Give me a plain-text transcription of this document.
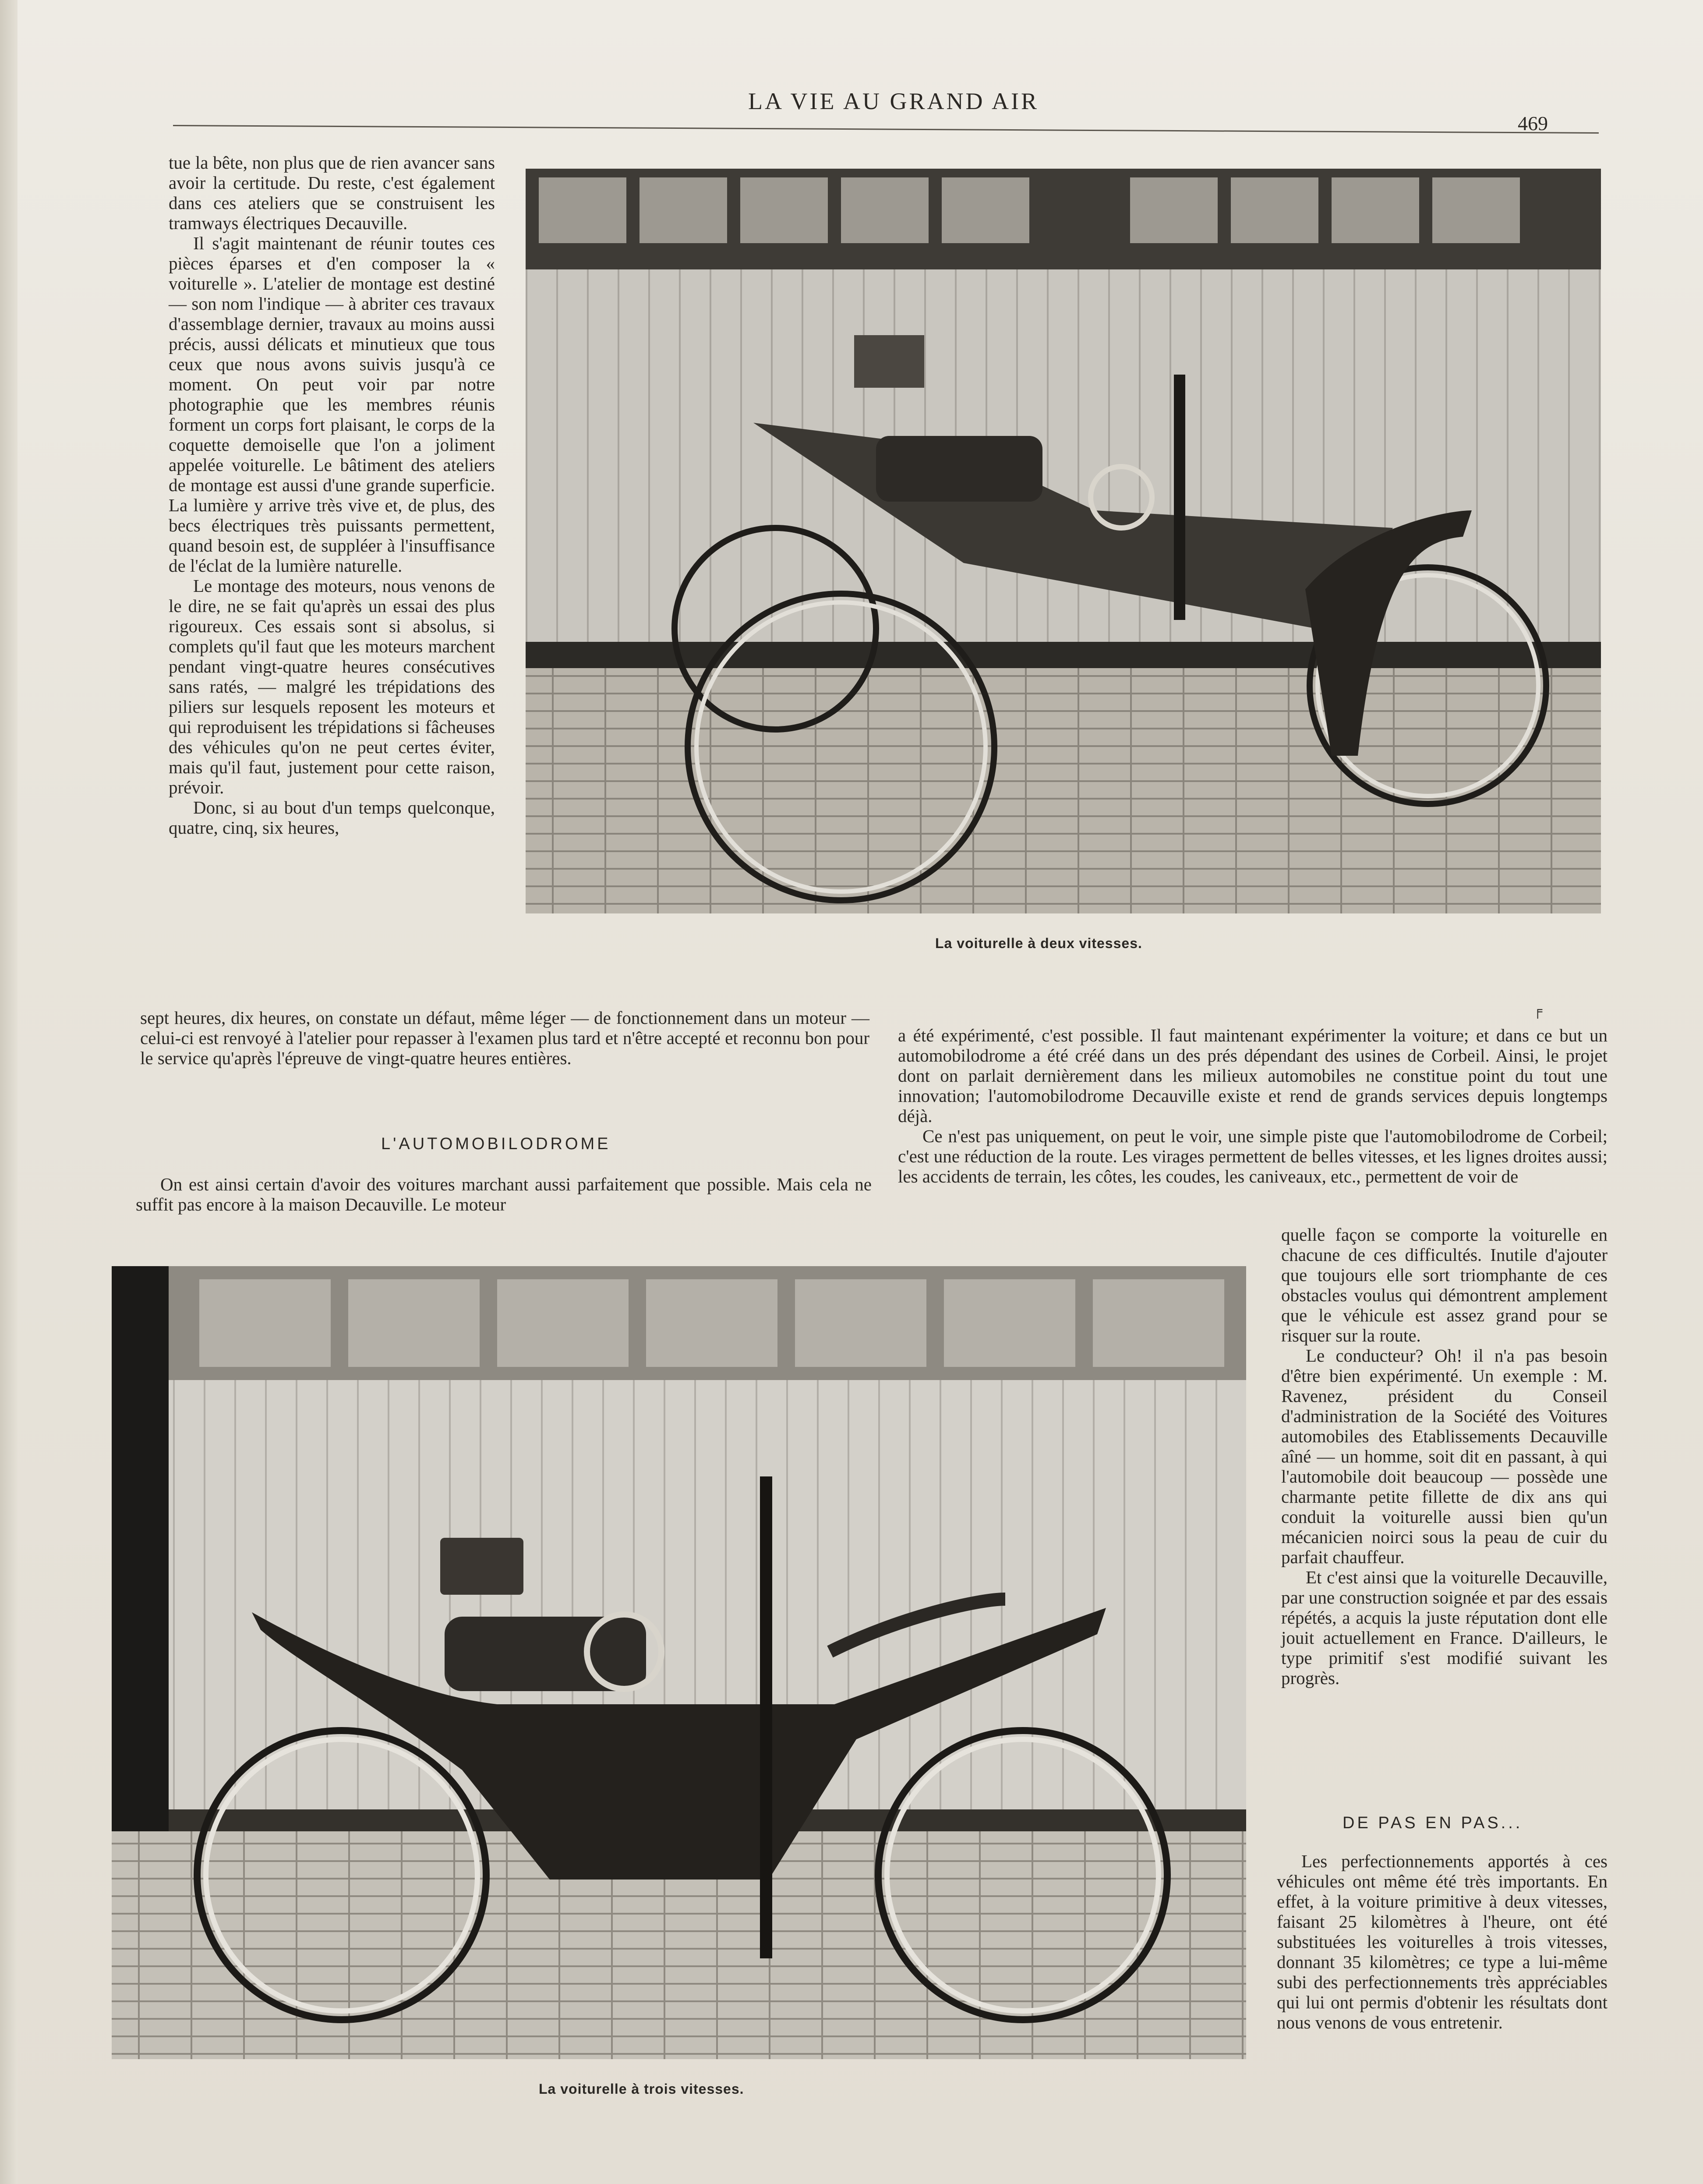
LA VIE AU GRAND AIR
469

tue la bête, non plus que de rien avancer sans avoir la certitude. Du reste, c'est également dans ces ateliers que se construisent les tramways électriques Decauville.

Il s'agit maintenant de réunir toutes ces pièces éparses et d'en composer la « voiturelle ». L'atelier de montage est destiné — son nom l'indique — à abriter ces travaux d'assemblage dernier, travaux au moins aussi précis, aussi délicats et minutieux que tous ceux que nous avons suivis jusqu'à ce moment. On peut voir par notre photographie que les membres réunis forment un corps fort plaisant, le corps de la coquette demoiselle que l'on a joliment appelée voiturelle. Le bâtiment des ateliers de montage est aussi d'une grande superficie. La lumière y arrive très vive et, de plus, des becs électriques très puissants permettent, quand besoin est, de suppléer à l'insuffisance de l'éclat de la lumière naturelle.

Le montage des moteurs, nous venons de le dire, ne se fait qu'après un essai des plus rigoureux. Ces essais sont si absolus, si complets qu'il faut que les moteurs marchent pendant vingt-quatre heures consécutives sans ratés, — malgré les trépidations des piliers sur lesquels reposent les moteurs et qui reproduisent les trépidations si fâcheuses des véhicules qu'on ne peut certes éviter, mais qu'il faut, justement pour cette raison, prévoir.

Donc, si au bout d'un temps quelconque, quatre, cinq, six heures,

La voiturelle à deux vitesses.

sept heures, dix heures, on constate un défaut, même léger — de fonctionnement dans un moteur — celui-ci est renvoyé à l'atelier pour repasser à l'examen plus tard et n'être accepté et reconnu bon pour le service qu'après l'épreuve de vingt-quatre heures entières.

L'AUTOMOBILODROME

On est ainsi certain d'avoir des voitures marchant aussi parfaitement que possible. Mais cela ne suffit pas encore à la maison Decauville. Le moteur

a été expérimenté, c'est possible. Il faut maintenant expérimenter la voiture; et dans ce but un automobilodrome a été créé dans un des prés dépendant des usines de Corbeil. Ainsi, le projet dont on parlait dernièrement dans les milieux automobiles ne constitue point du tout une innovation; l'automobilodrome Decauville existe et rend de grands services depuis longtemps déjà.

Ce n'est pas uniquement, on peut le voir, une simple piste que l'automobilodrome de Corbeil; c'est une réduction de la route. Les virages permettent de belles vitesses, et les lignes droites aussi; les accidents de terrain, les côtes, les coudes, les caniveaux, etc., permettent de voir de

╒
La voiturelle à trois vitesses.

quelle façon se comporte la voiturelle en chacune de ces difficultés. Inutile d'ajouter que toujours elle sort triomphante de ces obstacles voulus qui démontrent amplement que le véhicule est assez grand pour se risquer sur la route.

Le conducteur? Oh! il n'a pas besoin d'être bien expérimenté. Un exemple : M. Ravenez, président du Conseil d'administration de la Société des Voitures automobiles des Etablissements Decauville aîné — un homme, soit dit en passant, à qui l'automobile doit beaucoup — possède une charmante petite fillette de dix ans qui conduit la voiturelle aussi bien qu'un mécanicien noirci sous la peau de cuir du parfait chauffeur.

Et c'est ainsi que la voiturelle Decauville, par une construction soignée et par des essais répétés, a acquis la juste réputation dont elle jouit actuellement en France. D'ailleurs, le type primitif s'est modifié suivant les progrès.

DE PAS EN PAS...

Les perfectionnements apportés à ces véhicules ont même été très importants. En effet, à la voiture primitive à deux vitesses, faisant 25 kilomètres à l'heure, ont été substituées les voiturelles à trois vitesses, donnant 35 kilomètres; ce type a lui-même subi des perfectionnements très appréciables qui lui ont permis d'obtenir les résultats dont nous venons de vous entretenir.
